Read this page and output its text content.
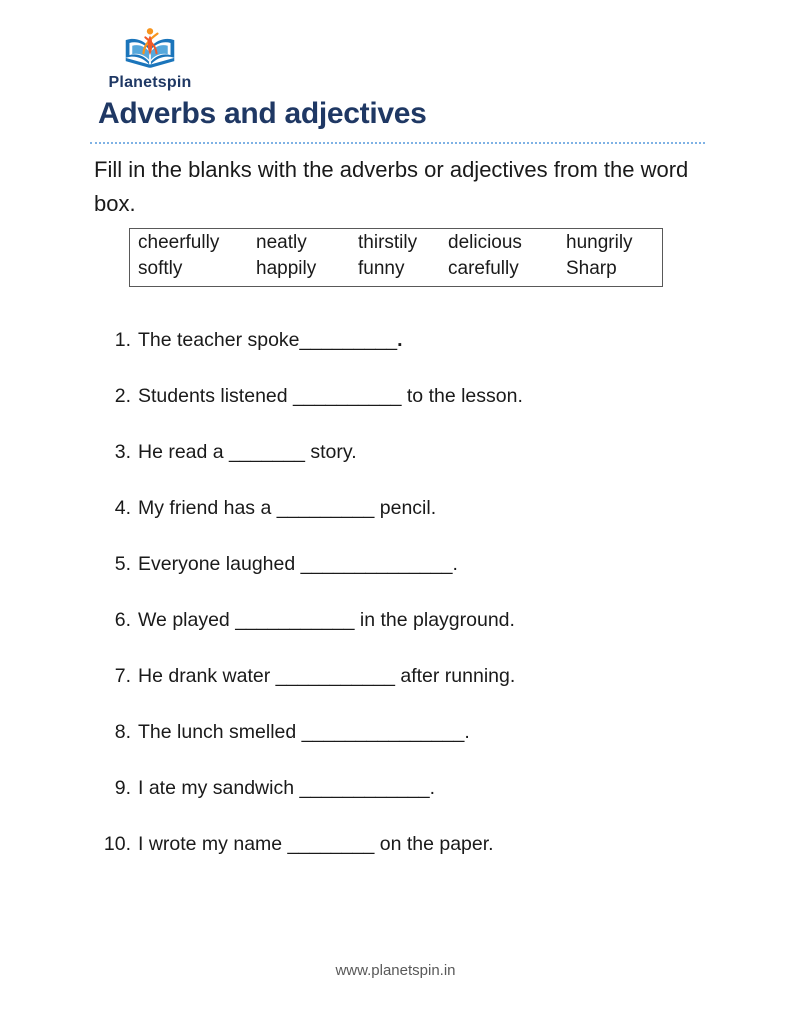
Planetspin
Adverbs and adjectives

Fill in the blanks with the adverbs or adjectives from the word box.

cheerfully	neatly	thirstily	delicious	hungrily
softly	happily	funny	carefully	Sharp
1. The teacher spoke_________.
2. Students listened __________ to the lesson.
3. He read a _______ story.
4. My friend has a _________ pencil.
5. Everyone laughed ______________.
6. We played ___________ in the playground.
7. He drank water ___________ after running.
8. The lunch smelled _______________.
9. I ate my sandwich ____________.
10. I wrote my name ________ on the paper.
www.planetspin.in
